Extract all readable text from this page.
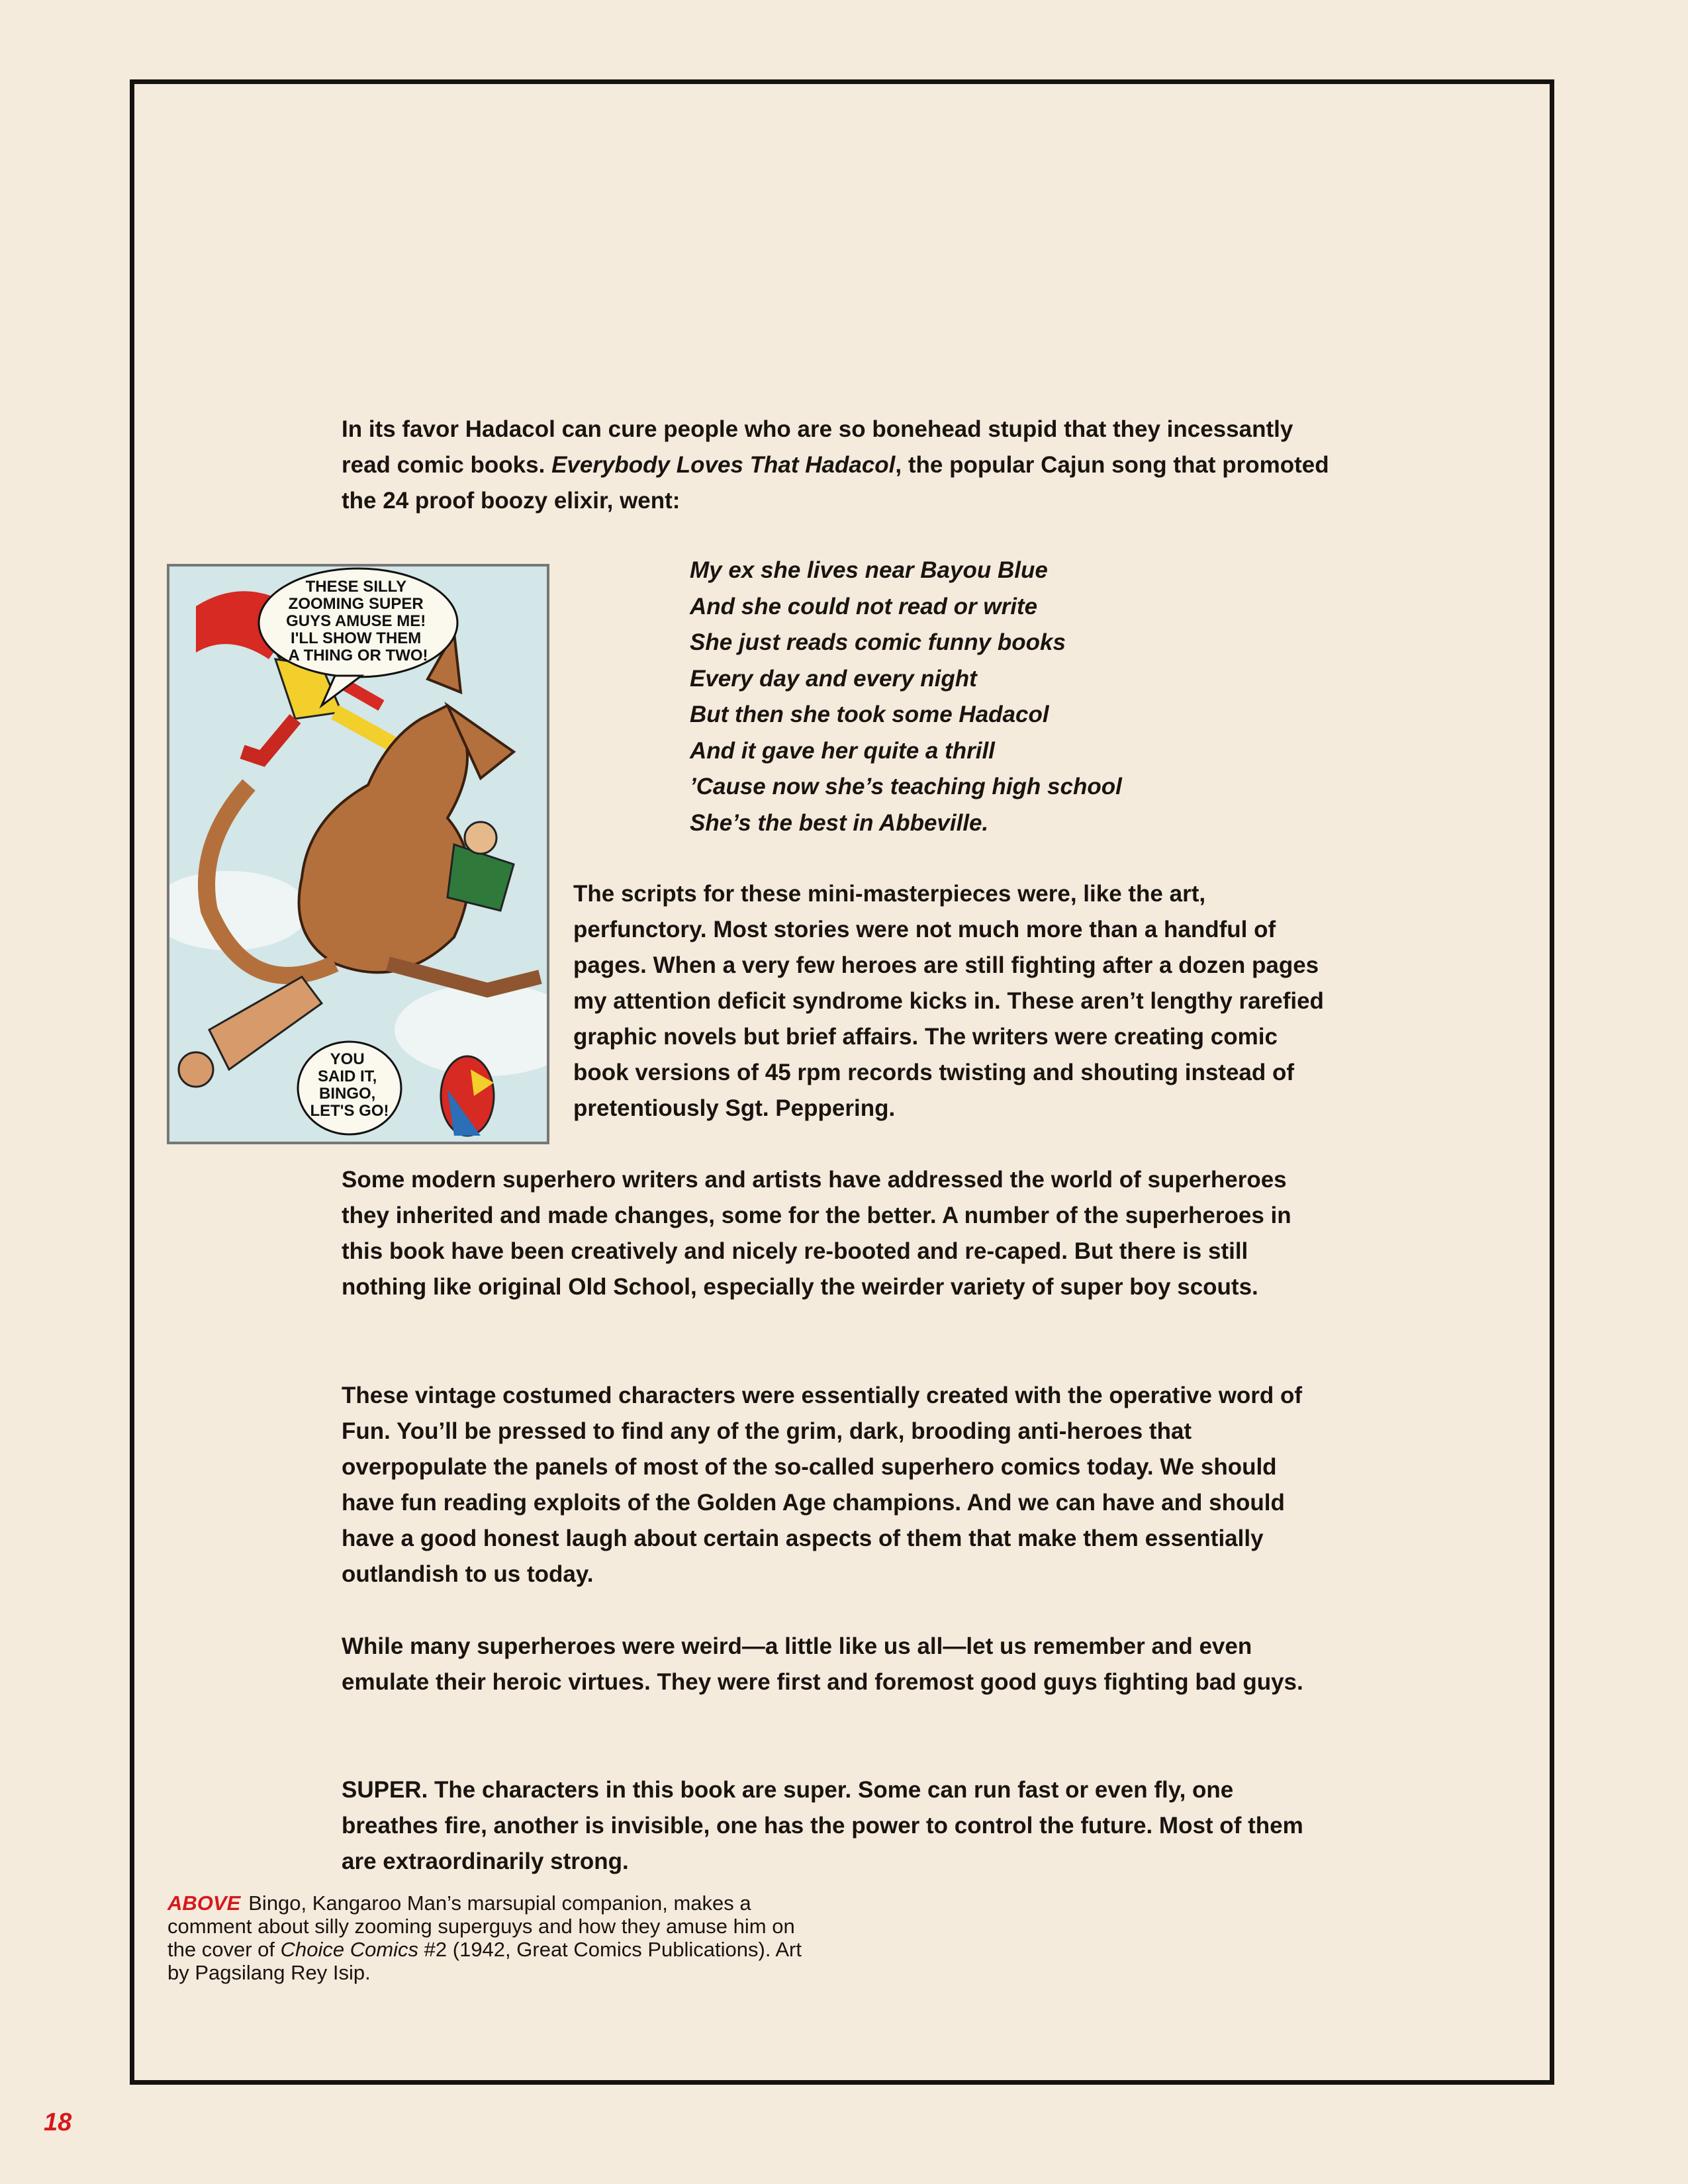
In its favor Hadacol can cure people who are so bonehead stupid that they incessantly read comic books. Everybody Loves That Hadacol, the popular Cajun song that promoted the 24 proof boozy elixir, went:

My ex she lives near Bayou Blue
And she could not read or write
She just reads comic funny books
Every day and every night
But then she took some Hadacol
And it gave her quite a thrill
’Cause now she’s teaching high school
She’s the best in Abbeville.
THESE SILLY ZOOMING SUPER GUYS AMUSE ME! I'LL SHOW THEM A THING OR TWO!
YOU SAID IT, BINGO, LET'S GO!

The scripts for these mini-masterpieces were, like the art, perfunctory. Most stories were not much more than a handful of pages. When a very few heroes are still fighting after a dozen pages my attention deficit syndrome kicks in. These aren’t lengthy rarefied graphic novels but brief affairs. The writers were creating comic book versions of 45 rpm records twisting and shouting instead of pretentiously Sgt. Peppering.

Some modern superhero writers and artists have addressed the world of superheroes they inherited and made changes, some for the better. A number of the superheroes in this book have been creatively and nicely re-booted and re-caped. But there is still nothing like original Old School, especially the weirder variety of super boy scouts.

These vintage costumed characters were essentially created with the operative word of Fun. You’ll be pressed to find any of the grim, dark, brooding anti-heroes that overpopulate the panels of most of the so-called superhero comics today. We should have fun reading exploits of the Golden Age champions. And we can have and should have a good honest laugh about certain aspects of them that make them essentially outlandish to us today.

While many superheroes were weird—a little like us all—let us remember and even emulate their heroic virtues. They were first and foremost good guys fighting bad guys.

SUPER. The characters in this book are super. Some can run fast or even fly, one breathes fire, another is invisible, one has the power to control the future. Most of them are extraordinarily strong.

ABOVE Bingo, Kangaroo Man’s marsupial companion, makes a comment about silly zooming superguys and how they amuse him on the cover of Choice Comics #2 (1942, Great Comics Publications). Art by Pagsilang Rey Isip.

18
